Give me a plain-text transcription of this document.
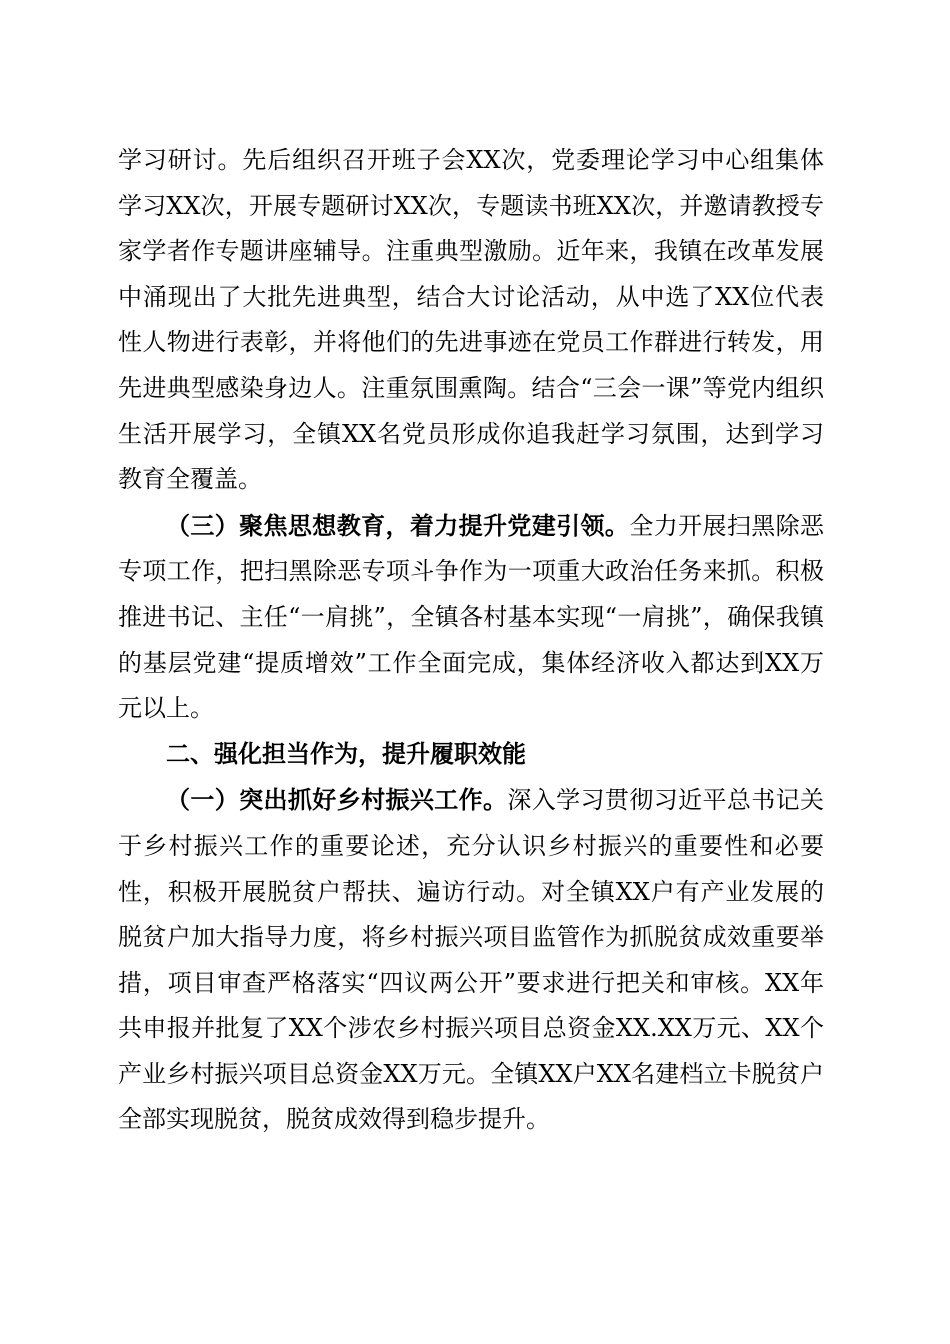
学习研讨。先后组织召开班子会XX次，党委理论学习中心组集体学习XX次，开展专题研讨XX次，专题读书班XX次，并邀请教授专家学者作专题讲座辅导。注重典型激励。近年来，我镇在改革发展中涌现出了大批先进典型，结合大讨论活动，从中选了XX位代表性人物进行表彰，并将他们的先进事迹在党员工作群进行转发，用先进典型感染身边人。注重氛围熏陶。结合“三会一课”等党内组织生活开展学习，全镇XX名党员形成你追我赶学习氛围，达到学习教育全覆盖。

（三）聚焦思想教育，着力提升党建引领。全力开展扫黑除恶专项工作，把扫黑除恶专项斗争作为一项重大政治任务来抓。积极推进书记、主任“一肩挑”，全镇各村基本实现“一肩挑”，确保我镇的基层党建“提质增效”工作全面完成，集体经济收入都达到XX万元以上。

二、强化担当作为，提升履职效能

（一）突出抓好乡村振兴工作。深入学习贯彻习近平总书记关于乡村振兴工作的重要论述，充分认识乡村振兴的重要性和必要性，积极开展脱贫户帮扶、遍访行动。对全镇XX户有产业发展的脱贫户加大指导力度，将乡村振兴项目监管作为抓脱贫成效重要举措，项目审查严格落实“四议两公开”要求进行把关和审核。XX年共申报并批复了XX个涉农乡村振兴项目总资金XX.XX万元、XX个产业乡村振兴项目总资金XX万元。全镇XX户XX名建档立卡脱贫户全部实现脱贫，脱贫成效得到稳步提升。
